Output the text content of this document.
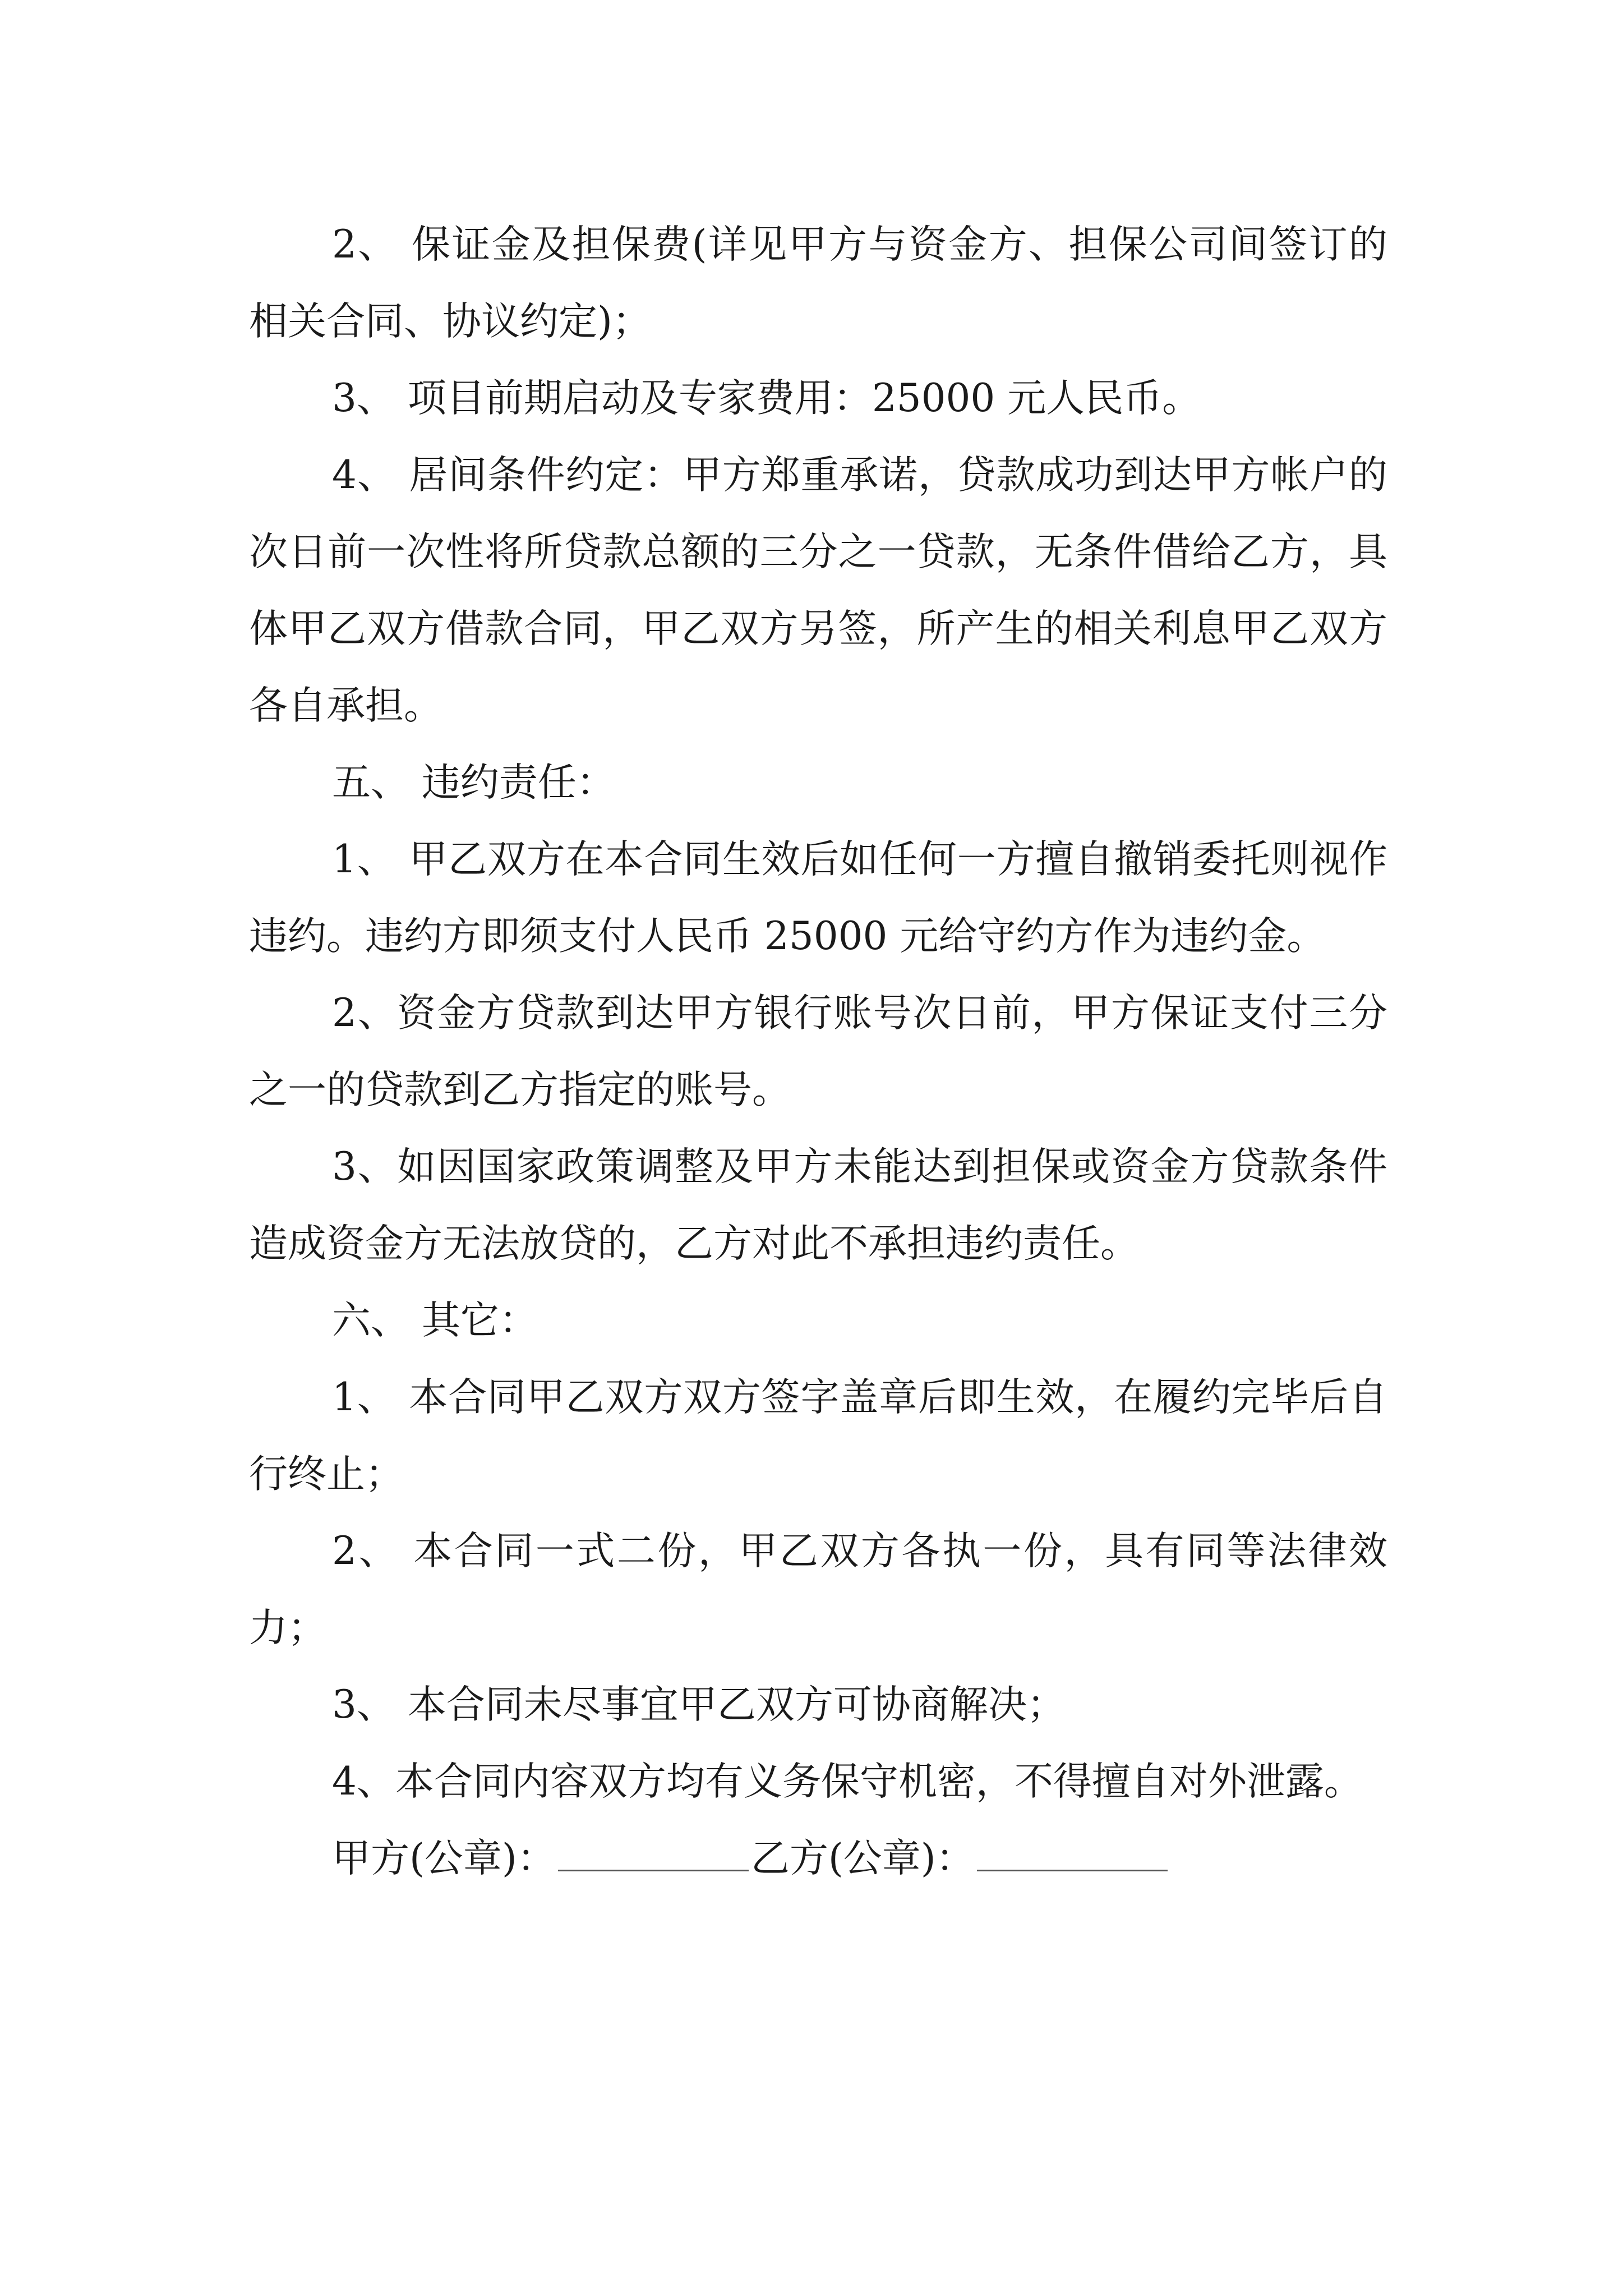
2、 保证金及担保费(详见甲方与资金方、担保公司间签订的相关合同、协议约定)；

3、 项目前期启动及专家费用：25000 元人民币。

4、 居间条件约定：甲方郑重承诺，贷款成功到达甲方帐户的次日前一次性将所贷款总额的三分之一贷款，无条件借给乙方，具体甲乙双方借款合同，甲乙双方另签，所产生的相关利息甲乙双方各自承担。

五、 违约责任：

1、 甲乙双方在本合同生效后如任何一方擅自撤销委托则视作违约。违约方即须支付人民币 25000 元给守约方作为违约金。

2、资金方贷款到达甲方银行账号次日前，甲方保证支付三分之一的贷款到乙方指定的账号。

3、如因国家政策调整及甲方未能达到担保或资金方贷款条件造成资金方无法放贷的，乙方对此不承担违约责任。

六、 其它：

1、 本合同甲乙双方双方签字盖章后即生效，在履约完毕后自行终止；

2、 本合同一式二份，甲乙双方各执一份，具有同等法律效力；

3、 本合同未尽事宜甲乙双方可协商解决；

4、本合同内容双方均有义务保守机密，不得擅自对外泄露。

甲方(公章)：	乙方(公章)：
